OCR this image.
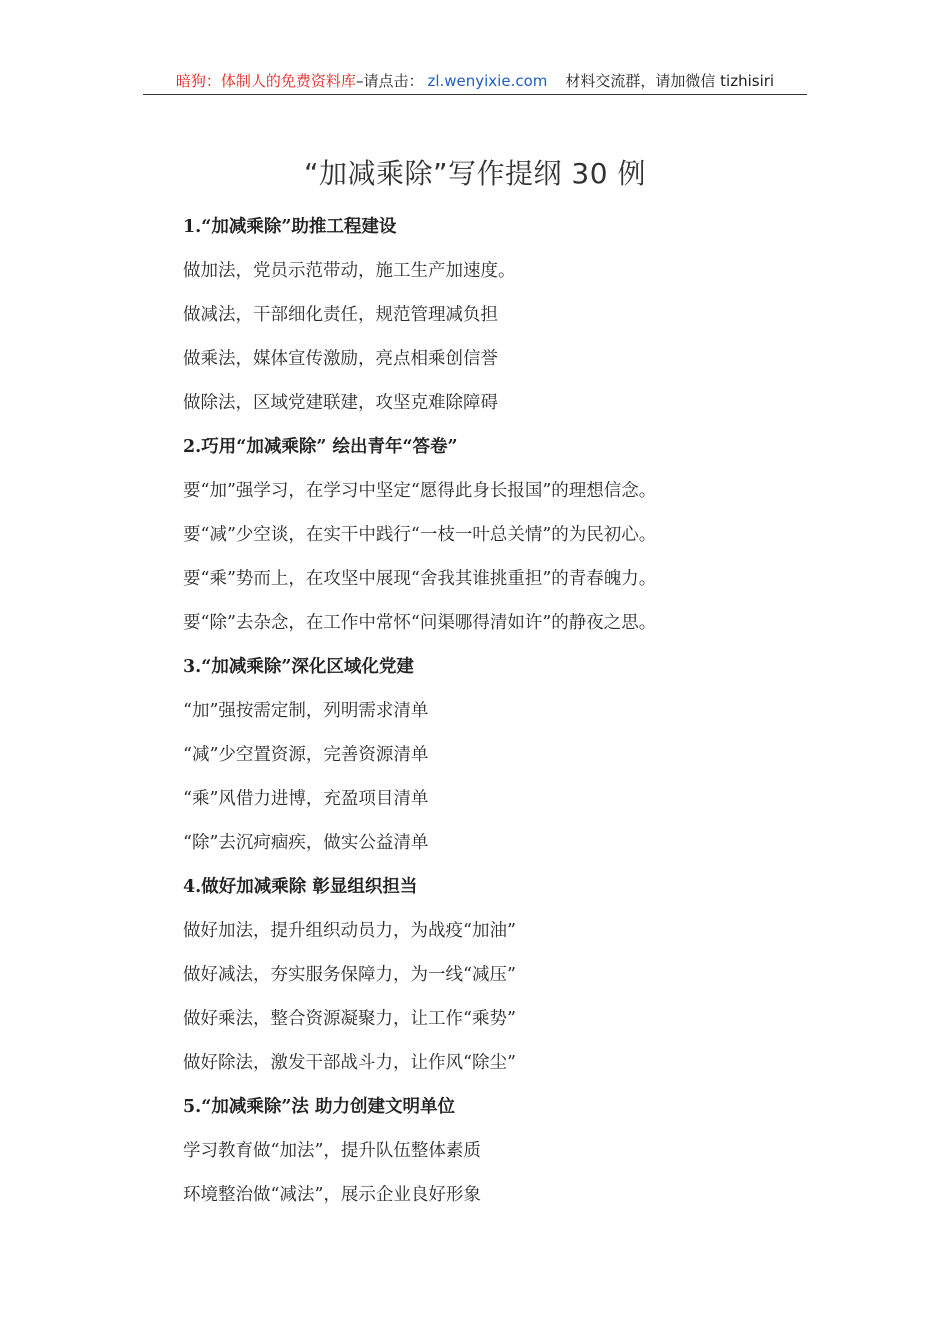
暗狗：体制人的免费资料库–请点击： zl.wenyixie.com 材料交流群，请加微信 tizhisiri
“加减乘除”写作提纲 30 例
1.“加减乘除”助推工程建设
做加法，党员示范带动，施工生产加速度。
做减法，干部细化责任，规范管理减负担
做乘法，媒体宣传激励，亮点相乘创信誉
做除法，区域党建联建，攻坚克难除障碍
2.巧用“加减乘除” 绘出青年“答卷”
要“加”强学习，在学习中坚定“愿得此身长报国”的理想信念。
要“减”少空谈，在实干中践行“一枝一叶总关情”的为民初心。
要“乘”势而上，在攻坚中展现“舍我其谁挑重担”的青春魄力。
要“除”去杂念，在工作中常怀“问渠哪得清如许”的静夜之思。
3.“加减乘除”深化区域化党建
“加”强按需定制，列明需求清单
“减”少空置资源，完善资源清单
“乘”风借力进博，充盈项目清单
“除”去沉疴痼疾，做实公益清单
4.做好加减乘除 彰显组织担当
做好加法，提升组织动员力，为战疫“加油”
做好减法，夯实服务保障力，为一线“减压”
做好乘法，整合资源凝聚力，让工作“乘势”
做好除法，激发干部战斗力，让作风“除尘”
5.“加减乘除”法 助力创建文明单位
学习教育做“加法”，提升队伍整体素质
环境整治做“减法”，展示企业良好形象
